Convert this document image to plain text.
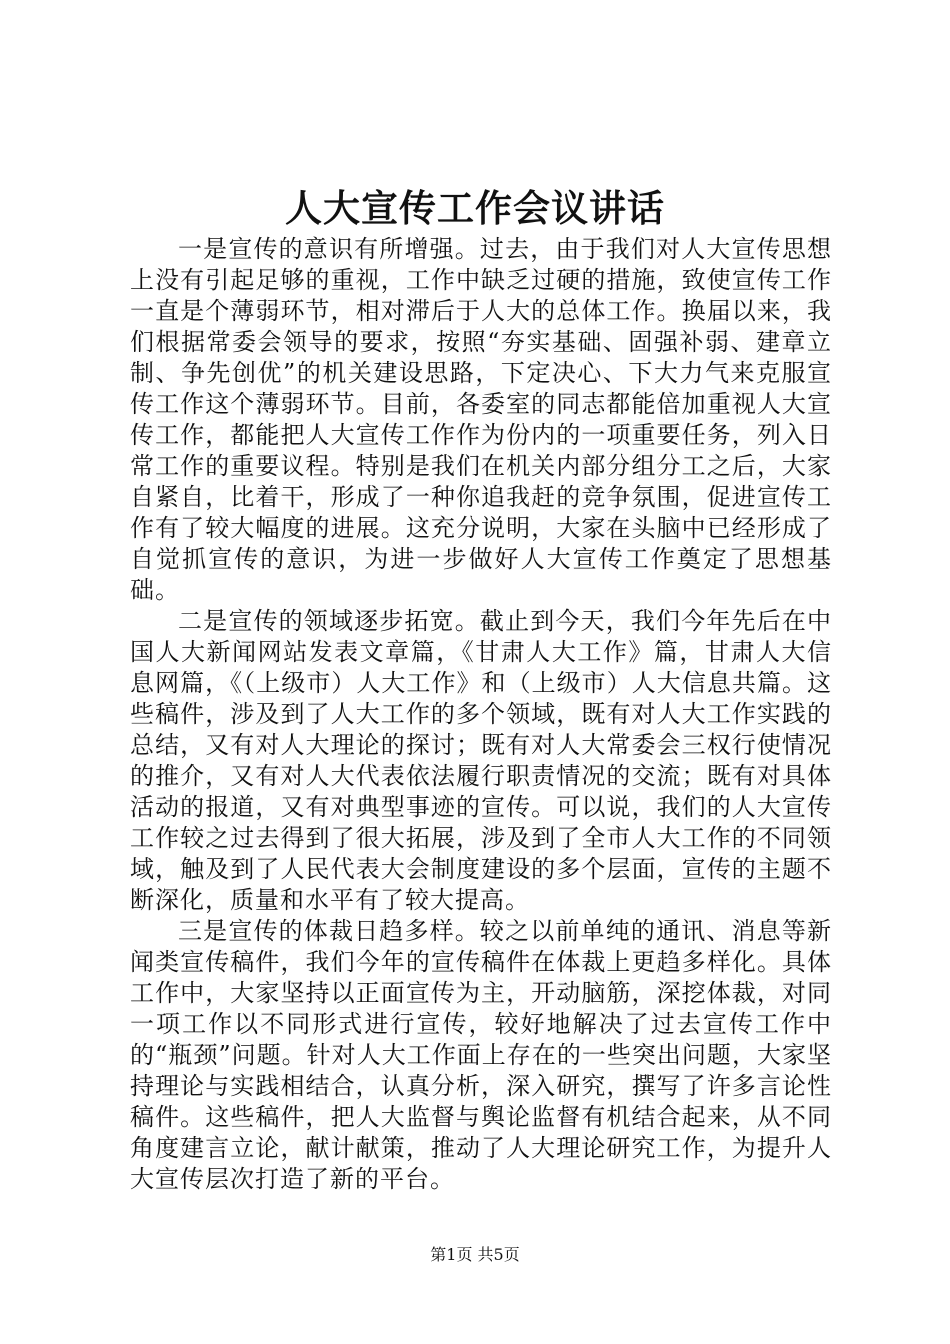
人大宣传工作会议讲话

一是宣传的意识有所增强。过去，由于我们对人大宣传思想上没有引起足够的重视，工作中缺乏过硬的措施，致使宣传工作一直是个薄弱环节，相对滞后于人大的总体工作。换届以来，我们根据常委会领导的要求，按照“夯实基础、固强补弱、建章立制、争先创优”的机关建设思路，下定决心、下大力气来克服宣传工作这个薄弱环节。目前，各委室的同志都能倍加重视人大宣传工作，都能把人大宣传工作作为份内的一项重要任务，列入日常工作的重要议程。特别是我们在机关内部分组分工之后，大家自紧自，比着干，形成了一种你追我赶的竞争氛围，促进宣传工作有了较大幅度的进展。这充分说明，大家在头脑中已经形成了自觉抓宣传的意识，为进一步做好人大宣传工作奠定了思想基础。

二是宣传的领域逐步拓宽。截止到今天，我们今年先后在中国人大新闻网站发表文章篇，《甘肃人大工作》篇，甘肃人大信息网篇，《（上级市）人大工作》和（上级市）人大信息共篇。这些稿件，涉及到了人大工作的多个领域，既有对人大工作实践的总结，又有对人大理论的探讨；既有对人大常委会三权行使情况的推介，又有对人大代表依法履行职责情况的交流；既有对具体活动的报道，又有对典型事迹的宣传。可以说，我们的人大宣传工作较之过去得到了很大拓展，涉及到了全市人大工作的不同领域，触及到了人民代表大会制度建设的多个层面，宣传的主题不断深化，质量和水平有了较大提高。

三是宣传的体裁日趋多样。较之以前单纯的通讯、消息等新闻类宣传稿件，我们今年的宣传稿件在体裁上更趋多样化。具体工作中，大家坚持以正面宣传为主，开动脑筋，深挖体裁，对同一项工作以不同形式进行宣传，较好地解决了过去宣传工作中的“瓶颈”问题。针对人大工作面上存在的一些突出问题，大家坚持理论与实践相结合，认真分析，深入研究，撰写了许多言论性稿件。这些稿件，把人大监督与舆论监督有机结合起来，从不同角度建言立论，献计献策，推动了人大理论研究工作，为提升人大宣传层次打造了新的平台。

第1页 共5页
